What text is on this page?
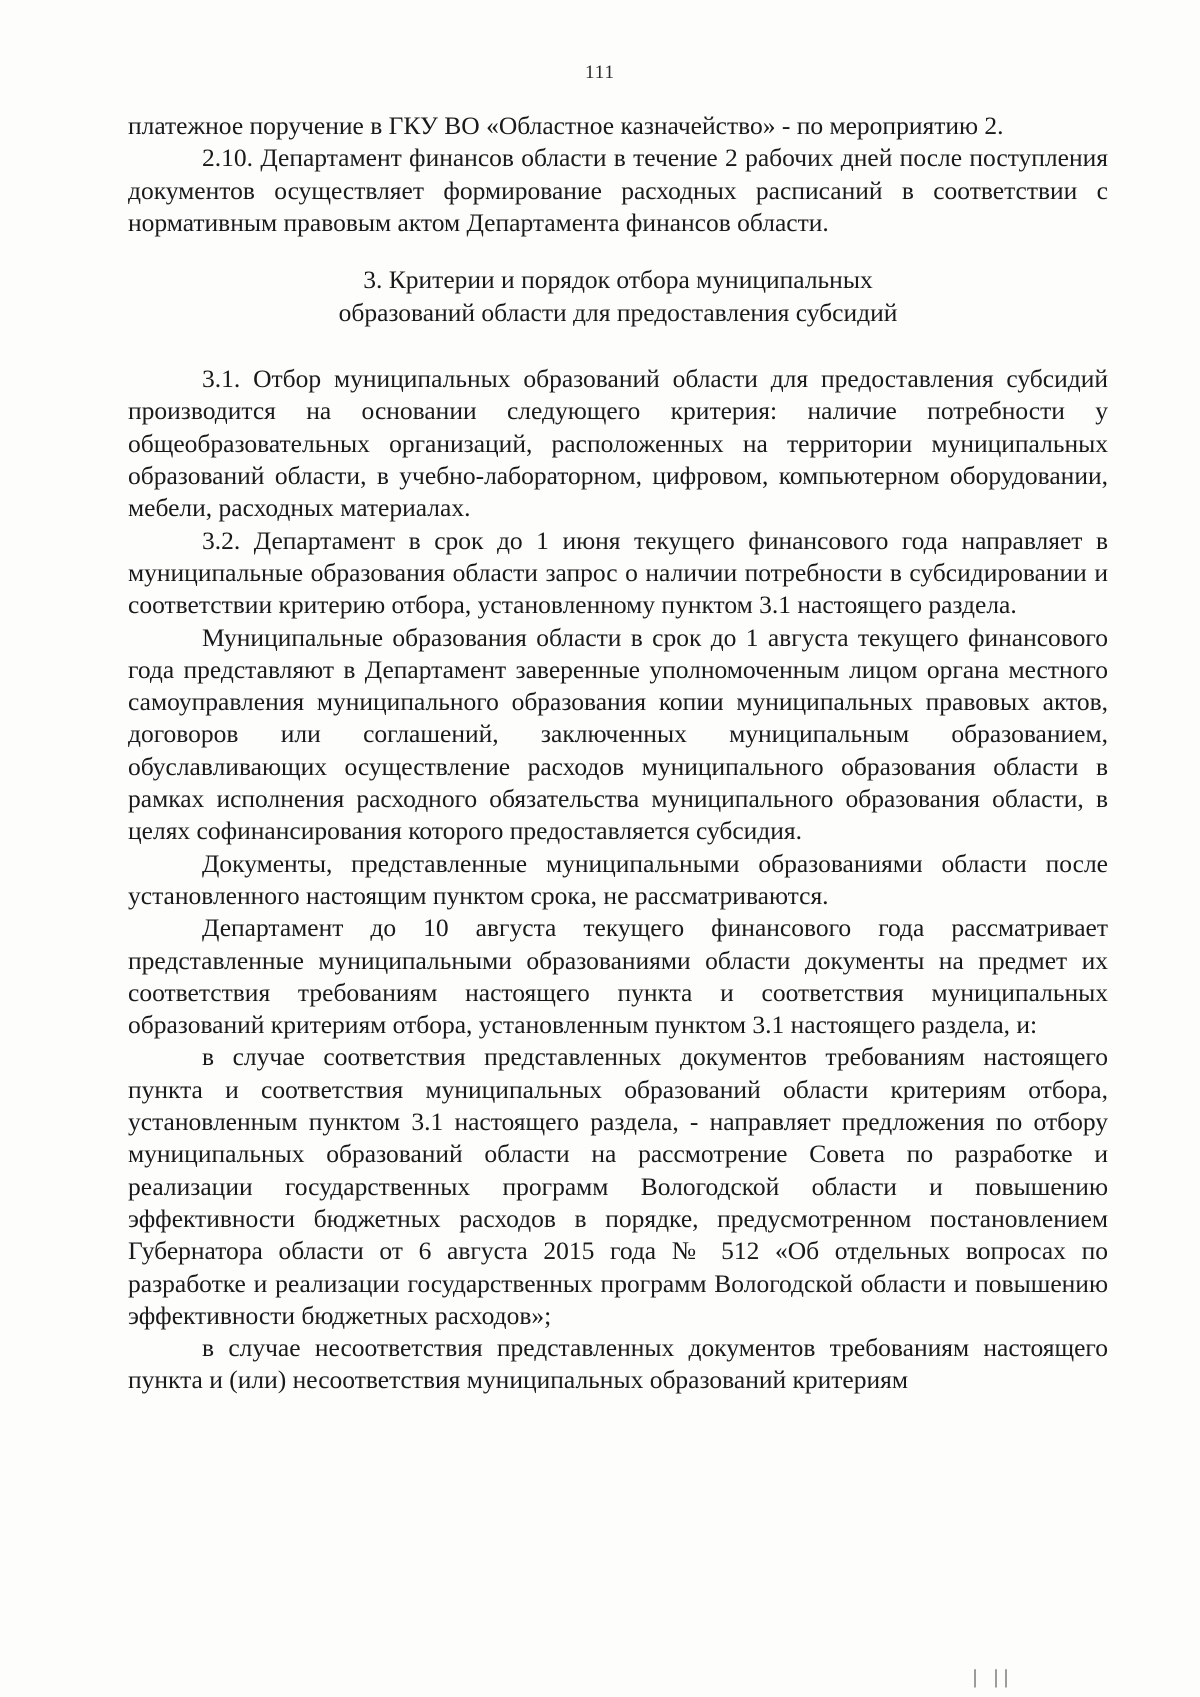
111

платежное поручение в ГКУ ВО «Областное казначейство» - по мероприятию 2.

2.10. Департамент финансов области в течение 2 рабочих дней после поступления документов осуществляет формирование расходных расписаний в соответствии с нормативным правовым актом Департамента финансов области.

3. Критерии и порядок отбора муниципальных
образований области для предоставления субсидий

3.1. Отбор муниципальных образований области для предоставления субсидий производится на основании следующего критерия: наличие потребности у общеобразовательных организаций, расположенных на территории муниципальных образований области, в учебно-лабораторном, цифровом, компьютерном оборудовании, мебели, расходных материалах.

3.2. Департамент в срок до 1 июня текущего финансового года направляет в муниципальные образования области запрос о наличии потребности в субсидировании и соответствии критерию отбора, установленному пунктом 3.1 настоящего раздела.

Муниципальные образования области в срок до 1 августа текущего финансового года представляют в Департамент заверенные уполномоченным лицом органа местного самоуправления муниципального образования копии муниципальных правовых актов, договоров или соглашений, заключенных муниципальным образованием, обуславливающих осуществление расходов муниципального образования области в рамках исполнения расходного обязательства муниципального образования области, в целях софинансирования которого предоставляется субсидия.

Документы, представленные муниципальными образованиями области после установленного настоящим пунктом срока, не рассматриваются.

Департамент до 10 августа текущего финансового года рассматривает представленные муниципальными образованиями области документы на предмет их соответствия требованиям настоящего пункта и соответствия муниципальных образований критериям отбора, установленным пунктом 3.1 настоящего раздела, и:

в случае соответствия представленных документов требованиям настоящего пункта и соответствия муниципальных образований области критериям отбора, установленным пунктом 3.1 настоящего раздела, - направляет предложения по отбору муниципальных образований области на рассмотрение Совета по разработке и реализации государственных программ Вологодской области и повышению эффективности бюджетных расходов в порядке, предусмотренном постановлением Губернатора области от 6 августа 2015 года № 512 «Об отдельных вопросах по разработке и реализации государственных программ Вологодской области и повышению эффективности бюджетных расходов»;

в случае несоответствия представленных документов требованиям настоящего пункта и (или) несоответствия муниципальных образований критериям

| ||
